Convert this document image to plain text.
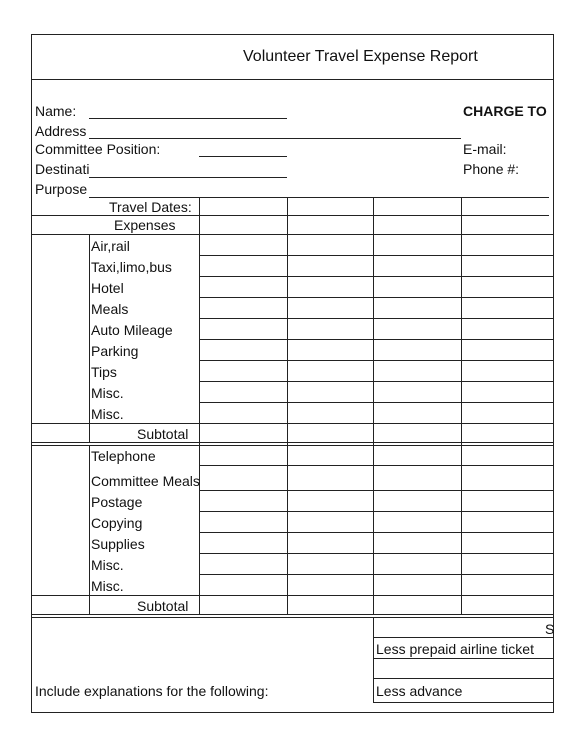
Volunteer Travel Expense Report
Name:
Address
Committee Position:
Destinati
Purpose
CHARGE TO
E-mail:
Phone #:
Travel Dates:
Expenses
Air,rail
Taxi,limo,bus
Hotel
Meals
Auto Mileage
Parking
Tips
Misc.
Misc.
Subtotal
Telephone
Committee Meals
Postage
Copying
Supplies
Misc.
Misc.
Subtotal
S
Less prepaid airline ticket
Less advance
Include explanations for the following:
